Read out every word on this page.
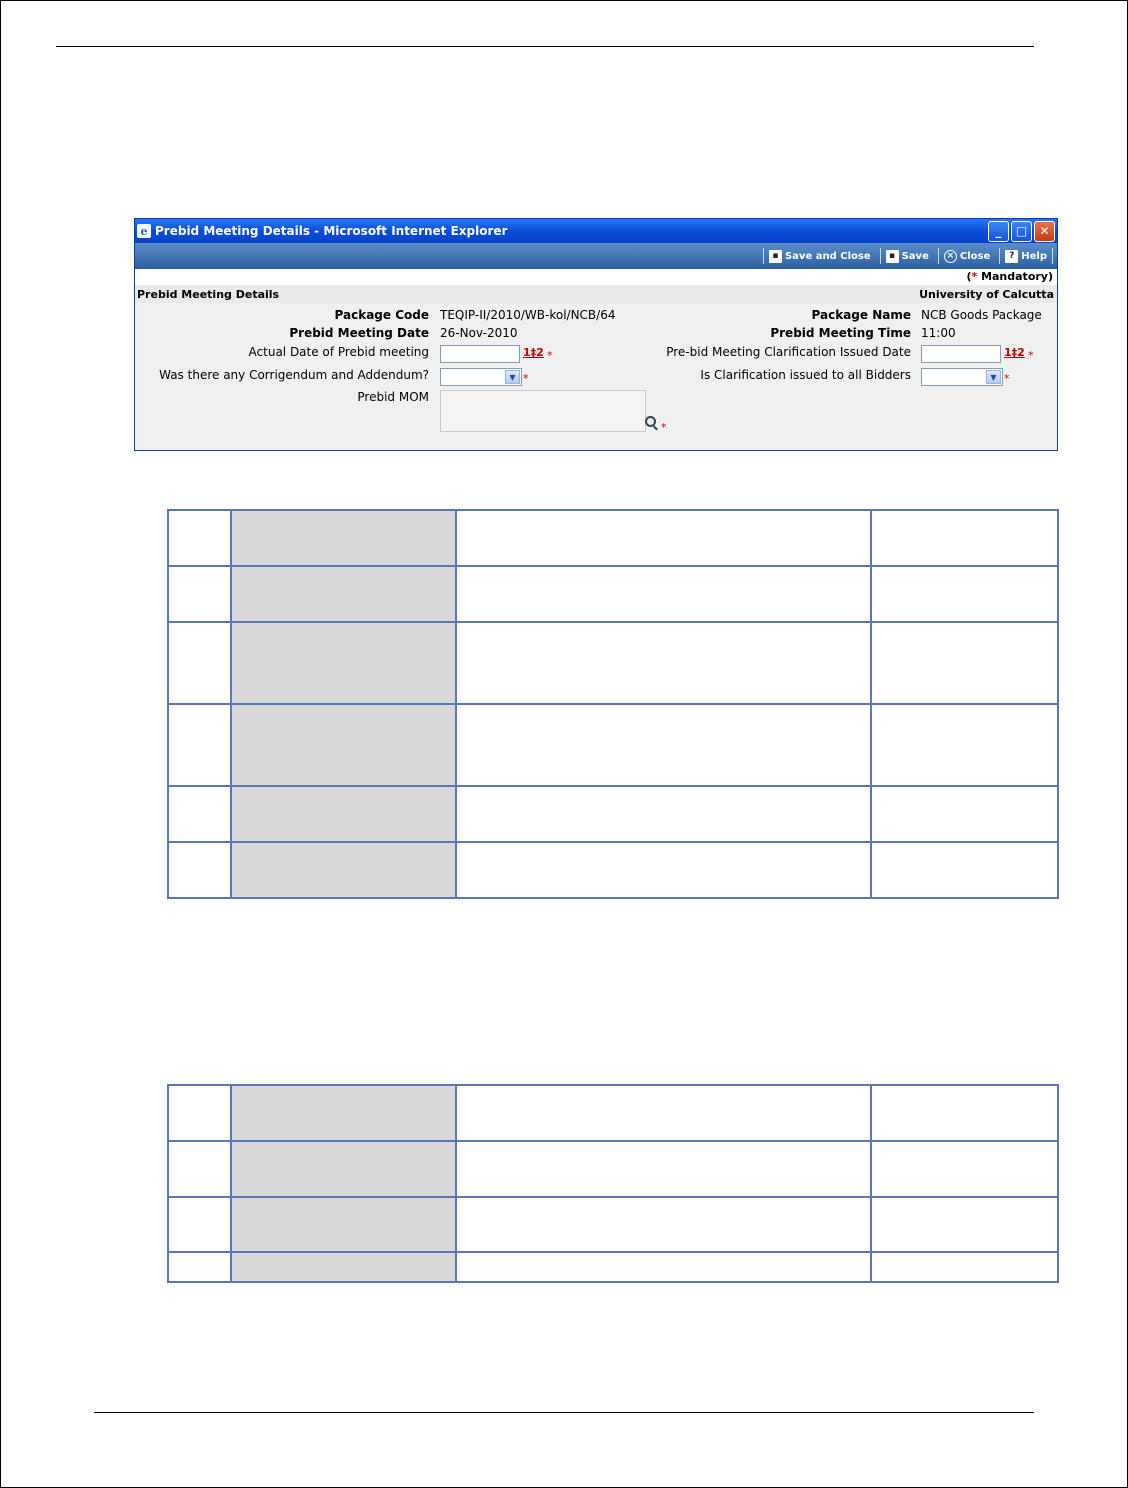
e Prebid Meeting Details - Microsoft Internet Explorer	_	□	✕
▪ Save and Close	▪ Save	× Close	? Help
(* Mandatory)
Prebid Meeting Details	University of Calcutta
Package Code TEQIP-II/2010/WB-kol/NCB/64	Package Name NCB Goods Package
Prebid Meeting Date 26-Nov-2010	Prebid Meeting Time 11:00
Actual Date of Prebid meeting	1‡2 *	Pre-bid Meeting Clarification Issued Date	1‡2 *
Was there any Corrigendum and Addendum?	▼ *	Is Clarification issued to all Bidders	▼ *
Prebid MOM
*
